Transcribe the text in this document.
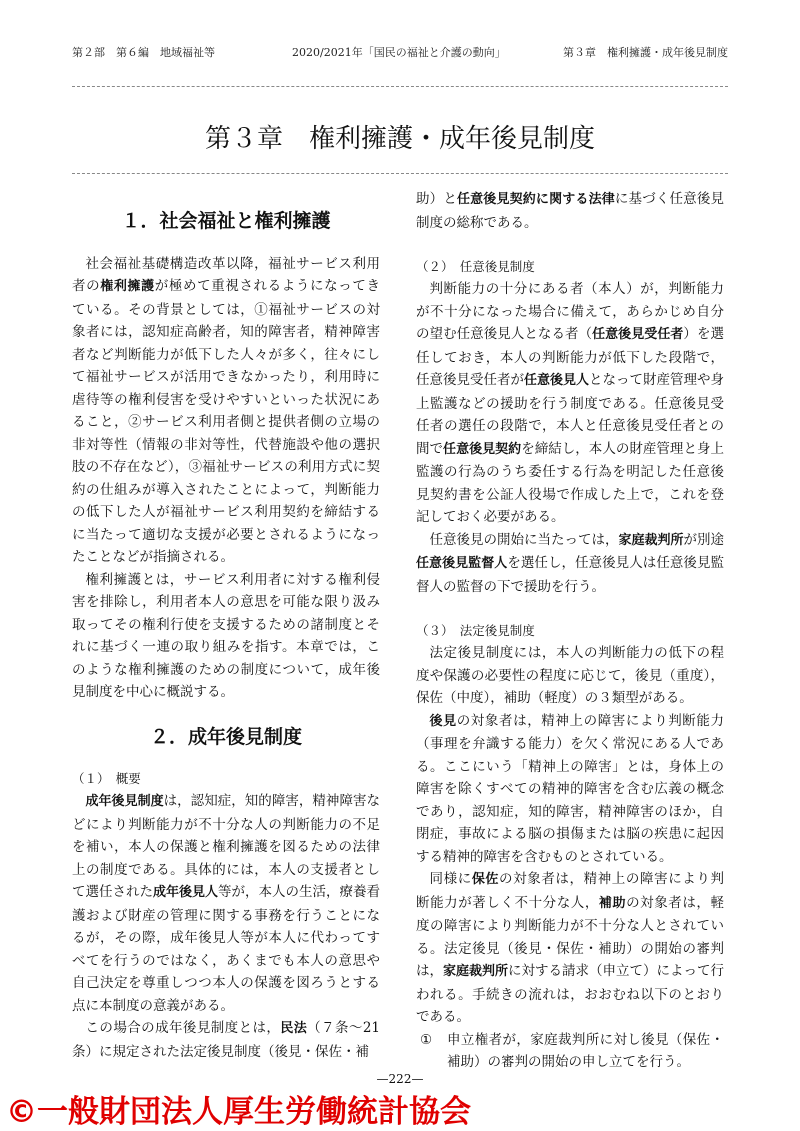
第２部　第６編　地域福祉等	2020/2021年「国民の福祉と介護の動向」	第３章　権利擁護・成年後見制度
第３章　権利擁護・成年後見制度
１．社会福祉と権利擁護

社会福祉基礎構造改革以降，福祉サービス利用者の権利擁護が極めて重視されるようになってきている。その背景としては，①福祉サービスの対象者には，認知症高齢者，知的障害者，精神障害者など判断能力が低下した人々が多く，往々にして福祉サービスが活用できなかったり，利用時に虐待等の権利侵害を受けやすいといった状況にあること，②サービス利用者側と提供者側の立場の非対等性（情報の非対等性，代替施設や他の選択肢の不存在など），③福祉サービスの利用方式に契約の仕組みが導入されたことによって，判断能力の低下した人が福祉サービス利用契約を締結するに当たって適切な支援が必要とされるようになったことなどが指摘される。

権利擁護とは，サービス利用者に対する権利侵害を排除し，利用者本人の意思を可能な限り汲み取ってその権利行使を支援するための諸制度とそれに基づく一連の取り組みを指す。本章では，このような権利擁護のための制度について，成年後見制度を中心に概説する。

２．成年後見制度

（１）　概要

成年後見制度は，認知症，知的障害，精神障害などにより判断能力が不十分な人の判断能力の不足を補い，本人の保護と権利擁護を図るための法律上の制度である。具体的には，本人の支援者として選任された成年後見人等が，本人の生活，療養看護および財産の管理に関する事務を行うことになるが，その際，成年後見人等が本人に代わってすべてを行うのではなく，あくまでも本人の意思や自己決定を尊重しつつ本人の保護を図ろうとする点に本制度の意義がある。

この場合の成年後見制度とは，民法（７条～21条）に規定された法定後見制度（後見・保佐・補

助）と任意後見契約に関する法律に基づく任意後見制度の総称である。

（２）　任意後見制度

判断能力の十分にある者（本人）が，判断能力が不十分になった場合に備えて，あらかじめ自分の望む任意後見人となる者（任意後見受任者）を選任しておき，本人の判断能力が低下した段階で，任意後見受任者が任意後見人となって財産管理や身上監護などの援助を行う制度である。任意後見受任者の選任の段階で，本人と任意後見受任者との間で任意後見契約を締結し，本人の財産管理と身上監護の行為のうち委任する行為を明記した任意後見契約書を公証人役場で作成した上で，これを登記しておく必要がある。

任意後見の開始に当たっては，家庭裁判所が別途任意後見監督人を選任し，任意後見人は任意後見監督人の監督の下で援助を行う。

（３）　法定後見制度

法定後見制度には，本人の判断能力の低下の程度や保護の必要性の程度に応じて，後見（重度），保佐（中度），補助（軽度）の３類型がある。

後見の対象者は，精神上の障害により判断能力（事理を弁識する能力）を欠く常況にある人である。ここにいう「精神上の障害」とは，身体上の障害を除くすべての精神的障害を含む広義の概念であり，認知症，知的障害，精神障害のほか，自閉症，事故による脳の損傷または脳の疾患に起因する精神的障害を含むものとされている。

同様に保佐の対象者は，精神上の障害により判断能力が著しく不十分な人，補助の対象者は，軽度の障害により判断能力が不十分な人とされている。法定後見（後見・保佐・補助）の開始の審判は，家庭裁判所に対する請求（申立て）によって行われる。手続きの流れは，おおむね以下のとおりである。

①	申立権者が，家庭裁判所に対し後見（保佐・補助）の審判の開始の申し立てを行う。
—222—
©一般財団法人厚生労働統計協会
